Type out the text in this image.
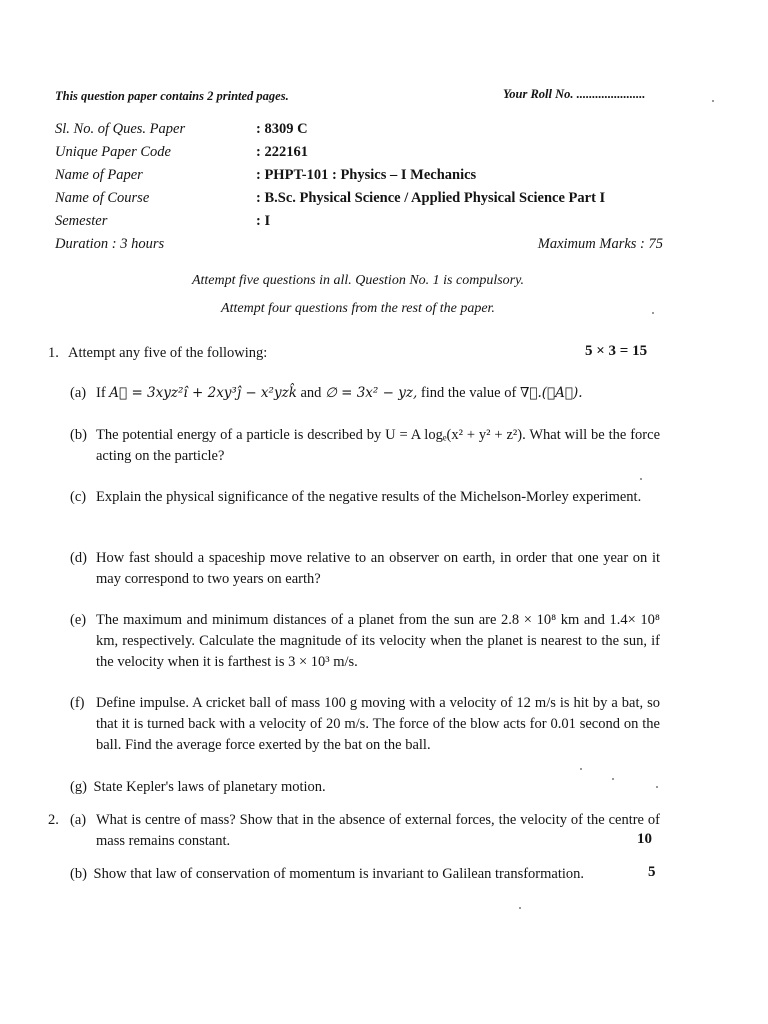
This question paper contains 2 printed pages.	Your Roll No. ......................
Sl. No. of Ques. Paper	: 8309 C
Unique Paper Code	: 222161
Name of Paper	: PHPT-101 : Physics – I Mechanics
Name of Course	: B.Sc. Physical Science / Applied Physical Science Part I
Semester	: I
Duration : 3 hours	Maximum Marks : 75
Attempt five questions in all. Question No. 1 is compulsory.
Attempt four questions from the rest of the paper.
1. Attempt any five of the following:	5 × 3 = 15
(a) If A⃗ = 3xyz²î + 2xy³ĵ − x²yzk̂ and ∅ = 3x² − yz, find the value of ∇⃗.(∅A⃗).
(b) The potential energy of a particle is described by U = A logₑ(x² + y² + z²). What will be the force acting on the particle?
(c) Explain the physical significance of the negative results of the Michelson-Morley experiment.
(d) How fast should a spaceship move relative to an observer on earth, in order that one year on it may correspond to two years on earth?
(e) The maximum and minimum distances of a planet from the sun are 2.8 × 10⁸ km and 1.4× 10⁸ km, respectively. Calculate the magnitude of its velocity when the planet is nearest to the sun, if the velocity when it is farthest is 3 × 10³ m/s.
(f) Define impulse. A cricket ball of mass 100 g moving with a velocity of 12 m/s is hit by a bat, so that it is turned back with a velocity of 20 m/s. The force of the blow acts for 0.01 second on the ball. Find the average force exerted by the bat on the ball.
(g) State Kepler's laws of planetary motion.
2. (a) What is centre of mass? Show that in the absence of external forces, the velocity of the centre of mass remains constant.	10
(b) Show that law of conservation of momentum is invariant to Galilean transformation.	5
